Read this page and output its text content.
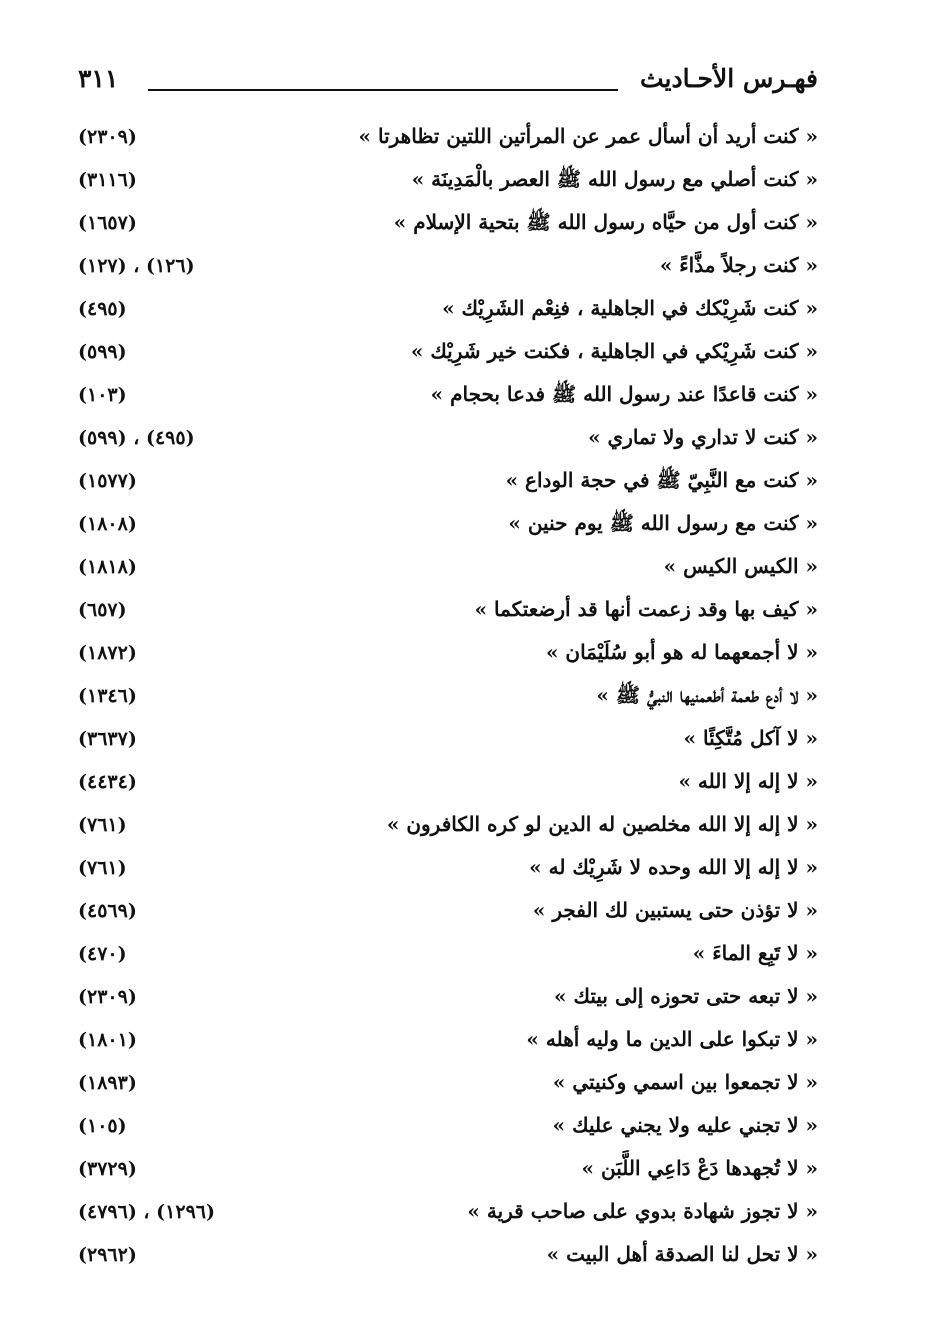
فهـرس الأحـاديث
٣١١
« كنت أريد أن أسأل عمر عن المرأتين اللتين تظاهرتا »
(٢٣٠٩)
« كنت أصلي مع رسول الله ﷺ العصر بالْمَدِينَة »
(٣١١٦)
« كنت أول من حيَّاه رسول الله ﷺ بتحية الإسلام »
(١٦٥٧)
« كنت رجلاً مذَّاءً »
(١٢٦) ، (١٢٧)
« كنت شَرِيْكك في الجاهلية ، فنِعْم الشَرِيْك »
(٤٩٥)
« كنت شَرِيْكي في الجاهلية ، فكنت خير شَرِيْك »
(٥٩٩)
« كنت قاعدًا عند رسول الله ﷺ فدعا بحجام »
(١٠٣)
« كنت لا تداري ولا تماري »
(٤٩٥) ، (٥٩٩)
« كنت مع النَّبِيّ ﷺ في حجة الوداع »
(١٥٧٧)
« كنت مع رسول الله ﷺ يوم حنين »
(١٨٠٨)
« الكيس الكيس »
(١٨١٨)
« كيف بها وقد زعمت أنها قد أرضعتكما »
(٦٥٧)
« لا أجمعهما له هو أبو سُلَيْمَان »
(١٨٧٢)
« لا أدع طعمة أطعمنيها النبيُّ ﷺ »
(١٣٤٦)
« لا آكل مُتَّكِئًا »
(٣٦٣٧)
« لا إله إلا الله »
(٤٤٣٤)
« لا إله إلا الله مخلصين له الدين لو كره الكافرون »
(٧٦١)
« لا إله إلا الله وحده لا شَرِيْك له »
(٧٦١)
« لا تؤذن حتى يستبين لك الفجر »
(٤٥٦٩)
« لا تَبِع الماءَ »
(٤٧٠)
« لا تبعه حتى تحوزه إلى بيتك »
(٢٣٠٩)
« لا تبكوا على الدين ما وليه أهله »
(١٨٠١)
« لا تجمعوا بين اسمي وكنيتي »
(١٨٩٣)
« لا تجني عليه ولا يجني عليك »
(١٠٥)
« لا تُجهدها دَعْ دَاعِي اللَّبَن »
(٣٧٢٩)
« لا تجوز شهادة بدوي على صاحب قرية »
(١٢٩٦) ، (٤٧٩٦)
« لا تحل لنا الصدقة أهل البيت »
(٢٩٦٢)
